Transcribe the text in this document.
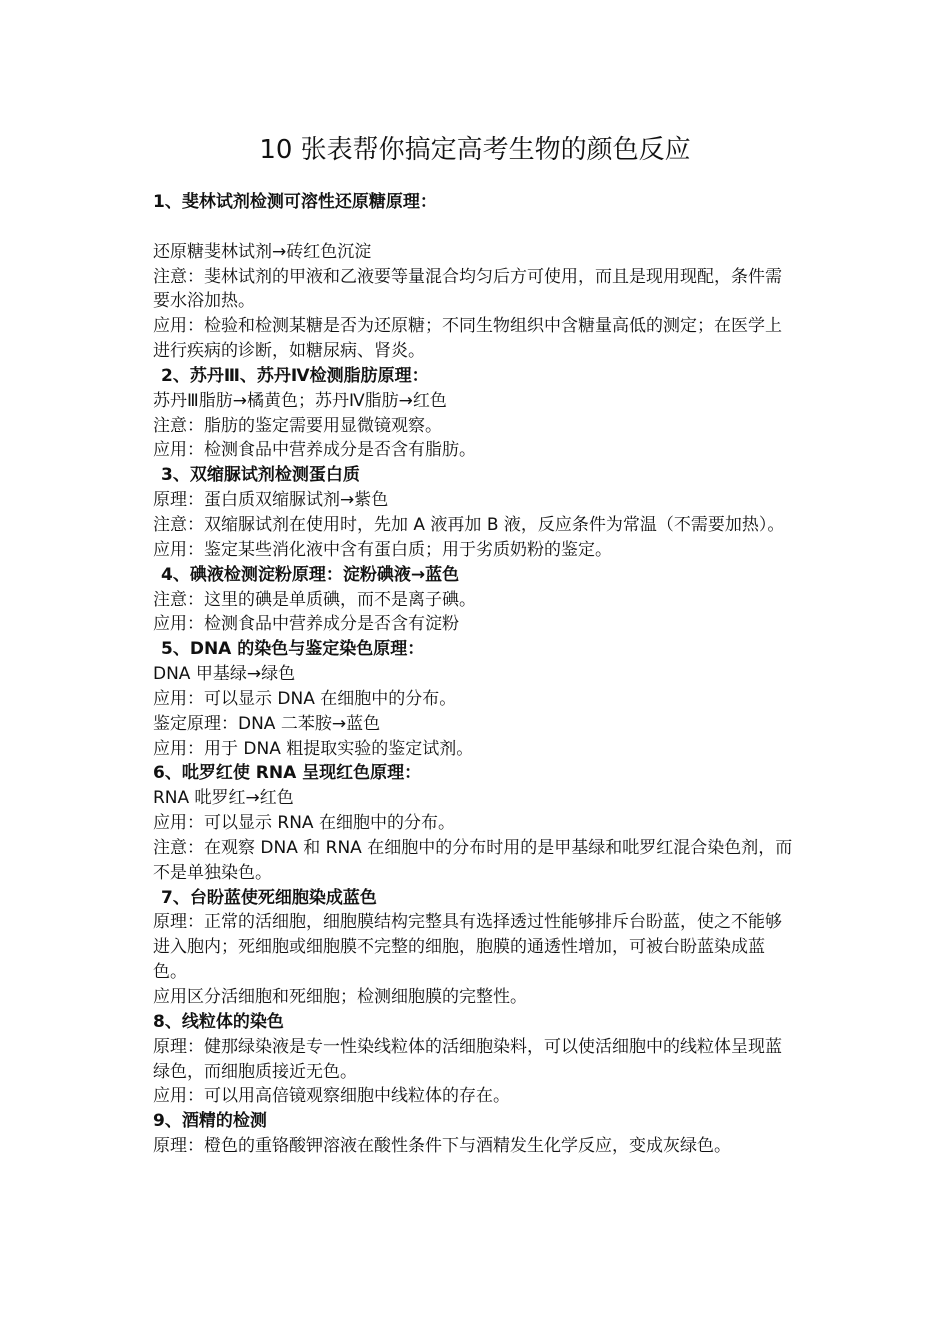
10 张表帮你搞定高考生物的颜色反应

1、斐林试剂检测可溶性还原糖原理：

还原糖斐林试剂→砖红色沉淀

注意：斐林试剂的甲液和乙液要等量混合均匀后方可使用，而且是现用现配，条件需要水浴加热。

应用：检验和检测某糖是否为还原糖；不同生物组织中含糖量高低的测定；在医学上进行疾病的诊断，如糖尿病、肾炎。

2、苏丹Ⅲ、苏丹Ⅳ检测脂肪原理：

苏丹Ⅲ脂肪→橘黄色；苏丹Ⅳ脂肪→红色

注意：脂肪的鉴定需要用显微镜观察。

应用：检测食品中营养成分是否含有脂肪。

3、双缩脲试剂检测蛋白质

原理：蛋白质双缩脲试剂→紫色

注意：双缩脲试剂在使用时，先加 A 液再加 B 液，反应条件为常温（不需要加热）。

应用：鉴定某些消化液中含有蛋白质；用于劣质奶粉的鉴定。

4、碘液检测淀粉原理：淀粉碘液→蓝色

注意：这里的碘是单质碘，而不是离子碘。

应用：检测食品中营养成分是否含有淀粉

5、DNA 的染色与鉴定染色原理：

DNA 甲基绿→绿色

应用：可以显示 DNA 在细胞中的分布。

鉴定原理：DNA 二苯胺→蓝色

应用：用于 DNA 粗提取实验的鉴定试剂。

6、吡罗红使 RNA 呈现红色原理：

RNA 吡罗红→红色

应用：可以显示 RNA 在细胞中的分布。

注意：在观察 DNA 和 RNA 在细胞中的分布时用的是甲基绿和吡罗红混合染色剂，而不是单独染色。

7、台盼蓝使死细胞染成蓝色

原理：正常的活细胞，细胞膜结构完整具有选择透过性能够排斥台盼蓝，使之不能够进入胞内；死细胞或细胞膜不完整的细胞，胞膜的通透性增加，可被台盼蓝染成蓝色。

应用区分活细胞和死细胞；检测细胞膜的完整性。

8、线粒体的染色

原理：健那绿染液是专一性染线粒体的活细胞染料，可以使活细胞中的线粒体呈现蓝绿色，而细胞质接近无色。

应用：可以用高倍镜观察细胞中线粒体的存在。

9、酒精的检测

原理：橙色的重铬酸钾溶液在酸性条件下与酒精发生化学反应，变成灰绿色。
